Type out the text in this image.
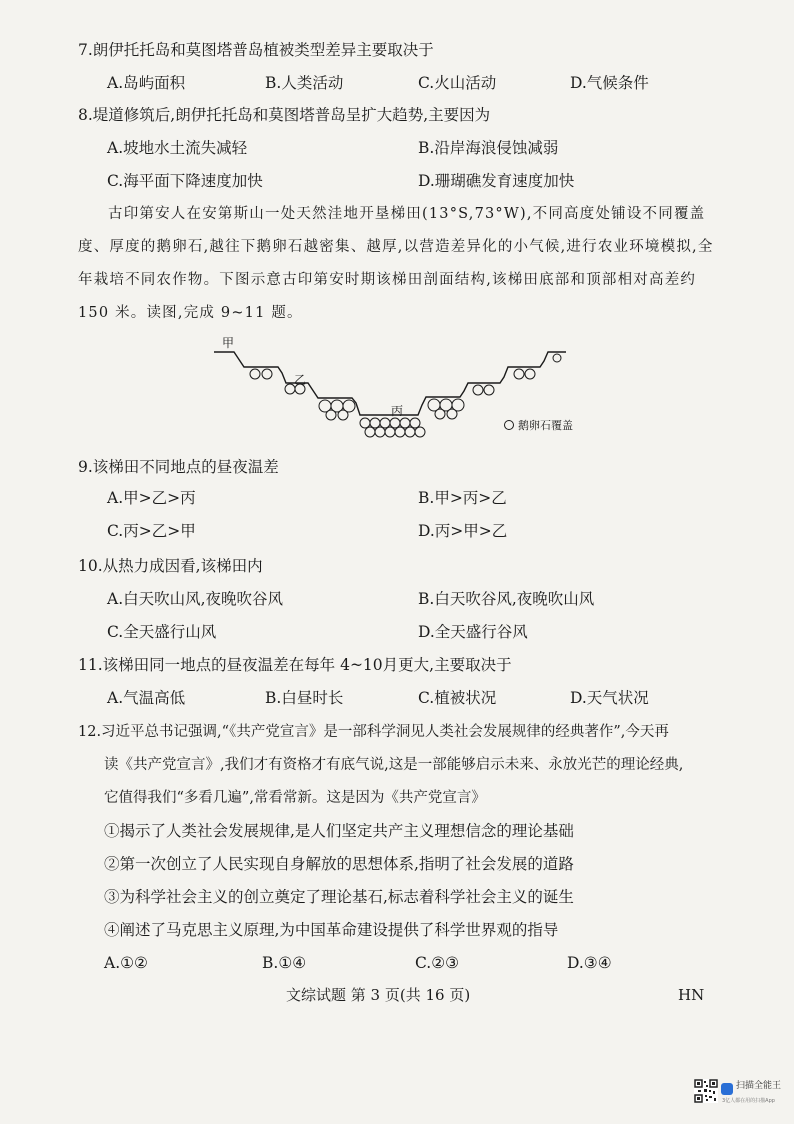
7.朗伊托托岛和莫图塔普岛植被类型差异主要取决于
A.岛屿面积	B.人类活动	C.火山活动	D.气候条件
8.堤道修筑后,朗伊托托岛和莫图塔普岛呈扩大趋势,主要因为
A.坡地水土流失减轻	B.沿岸海浪侵蚀减弱
C.海平面下降速度加快	D.珊瑚礁发育速度加快
古印第安人在安第斯山一处天然洼地开垦梯田(13°S,73°W),不同高度处铺设不同覆盖
度、厚度的鹅卵石,越往下鹅卵石越密集、越厚,以营造差异化的小气候,进行农业环境模拟,全
年栽培不同农作物。下图示意古印第安时期该梯田剖面结构,该梯田底部和顶部相对高差约
150 米。读图,完成 9~11 题。
甲
乙
丙
鹅卵石覆盖
9.该梯田不同地点的昼夜温差
A.甲>乙>丙	B.甲>丙>乙
C.丙>乙>甲	D.丙>甲>乙
10.从热力成因看,该梯田内
A.白天吹山风,夜晚吹谷风	B.白天吹谷风,夜晚吹山风
C.全天盛行山风	D.全天盛行谷风
11.该梯田同一地点的昼夜温差在每年 4~10月更大,主要取决于
A.气温高低	B.白昼时长	C.植被状况	D.天气状况
12.习近平总书记强调,“《共产党宣言》是一部科学洞见人类社会发展规律的经典著作”,今天再
读《共产党宣言》,我们才有资格才有底气说,这是一部能够启示未来、永放光芒的理论经典,
它值得我们“多看几遍”,常看常新。这是因为《共产党宣言》
①揭示了人类社会发展规律,是人们坚定共产主义理想信念的理论基础
②第一次创立了人民实现自身解放的思想体系,指明了社会发展的道路
③为科学社会主义的创立奠定了理论基石,标志着科学社会主义的诞生
④阐述了马克思主义原理,为中国革命建设提供了科学世界观的指导
A.①②	B.①④	C.②③	D.③④
文综试题 第 3 页(共 16 页)	HN
扫描全能王
3亿人都在用的扫描App
